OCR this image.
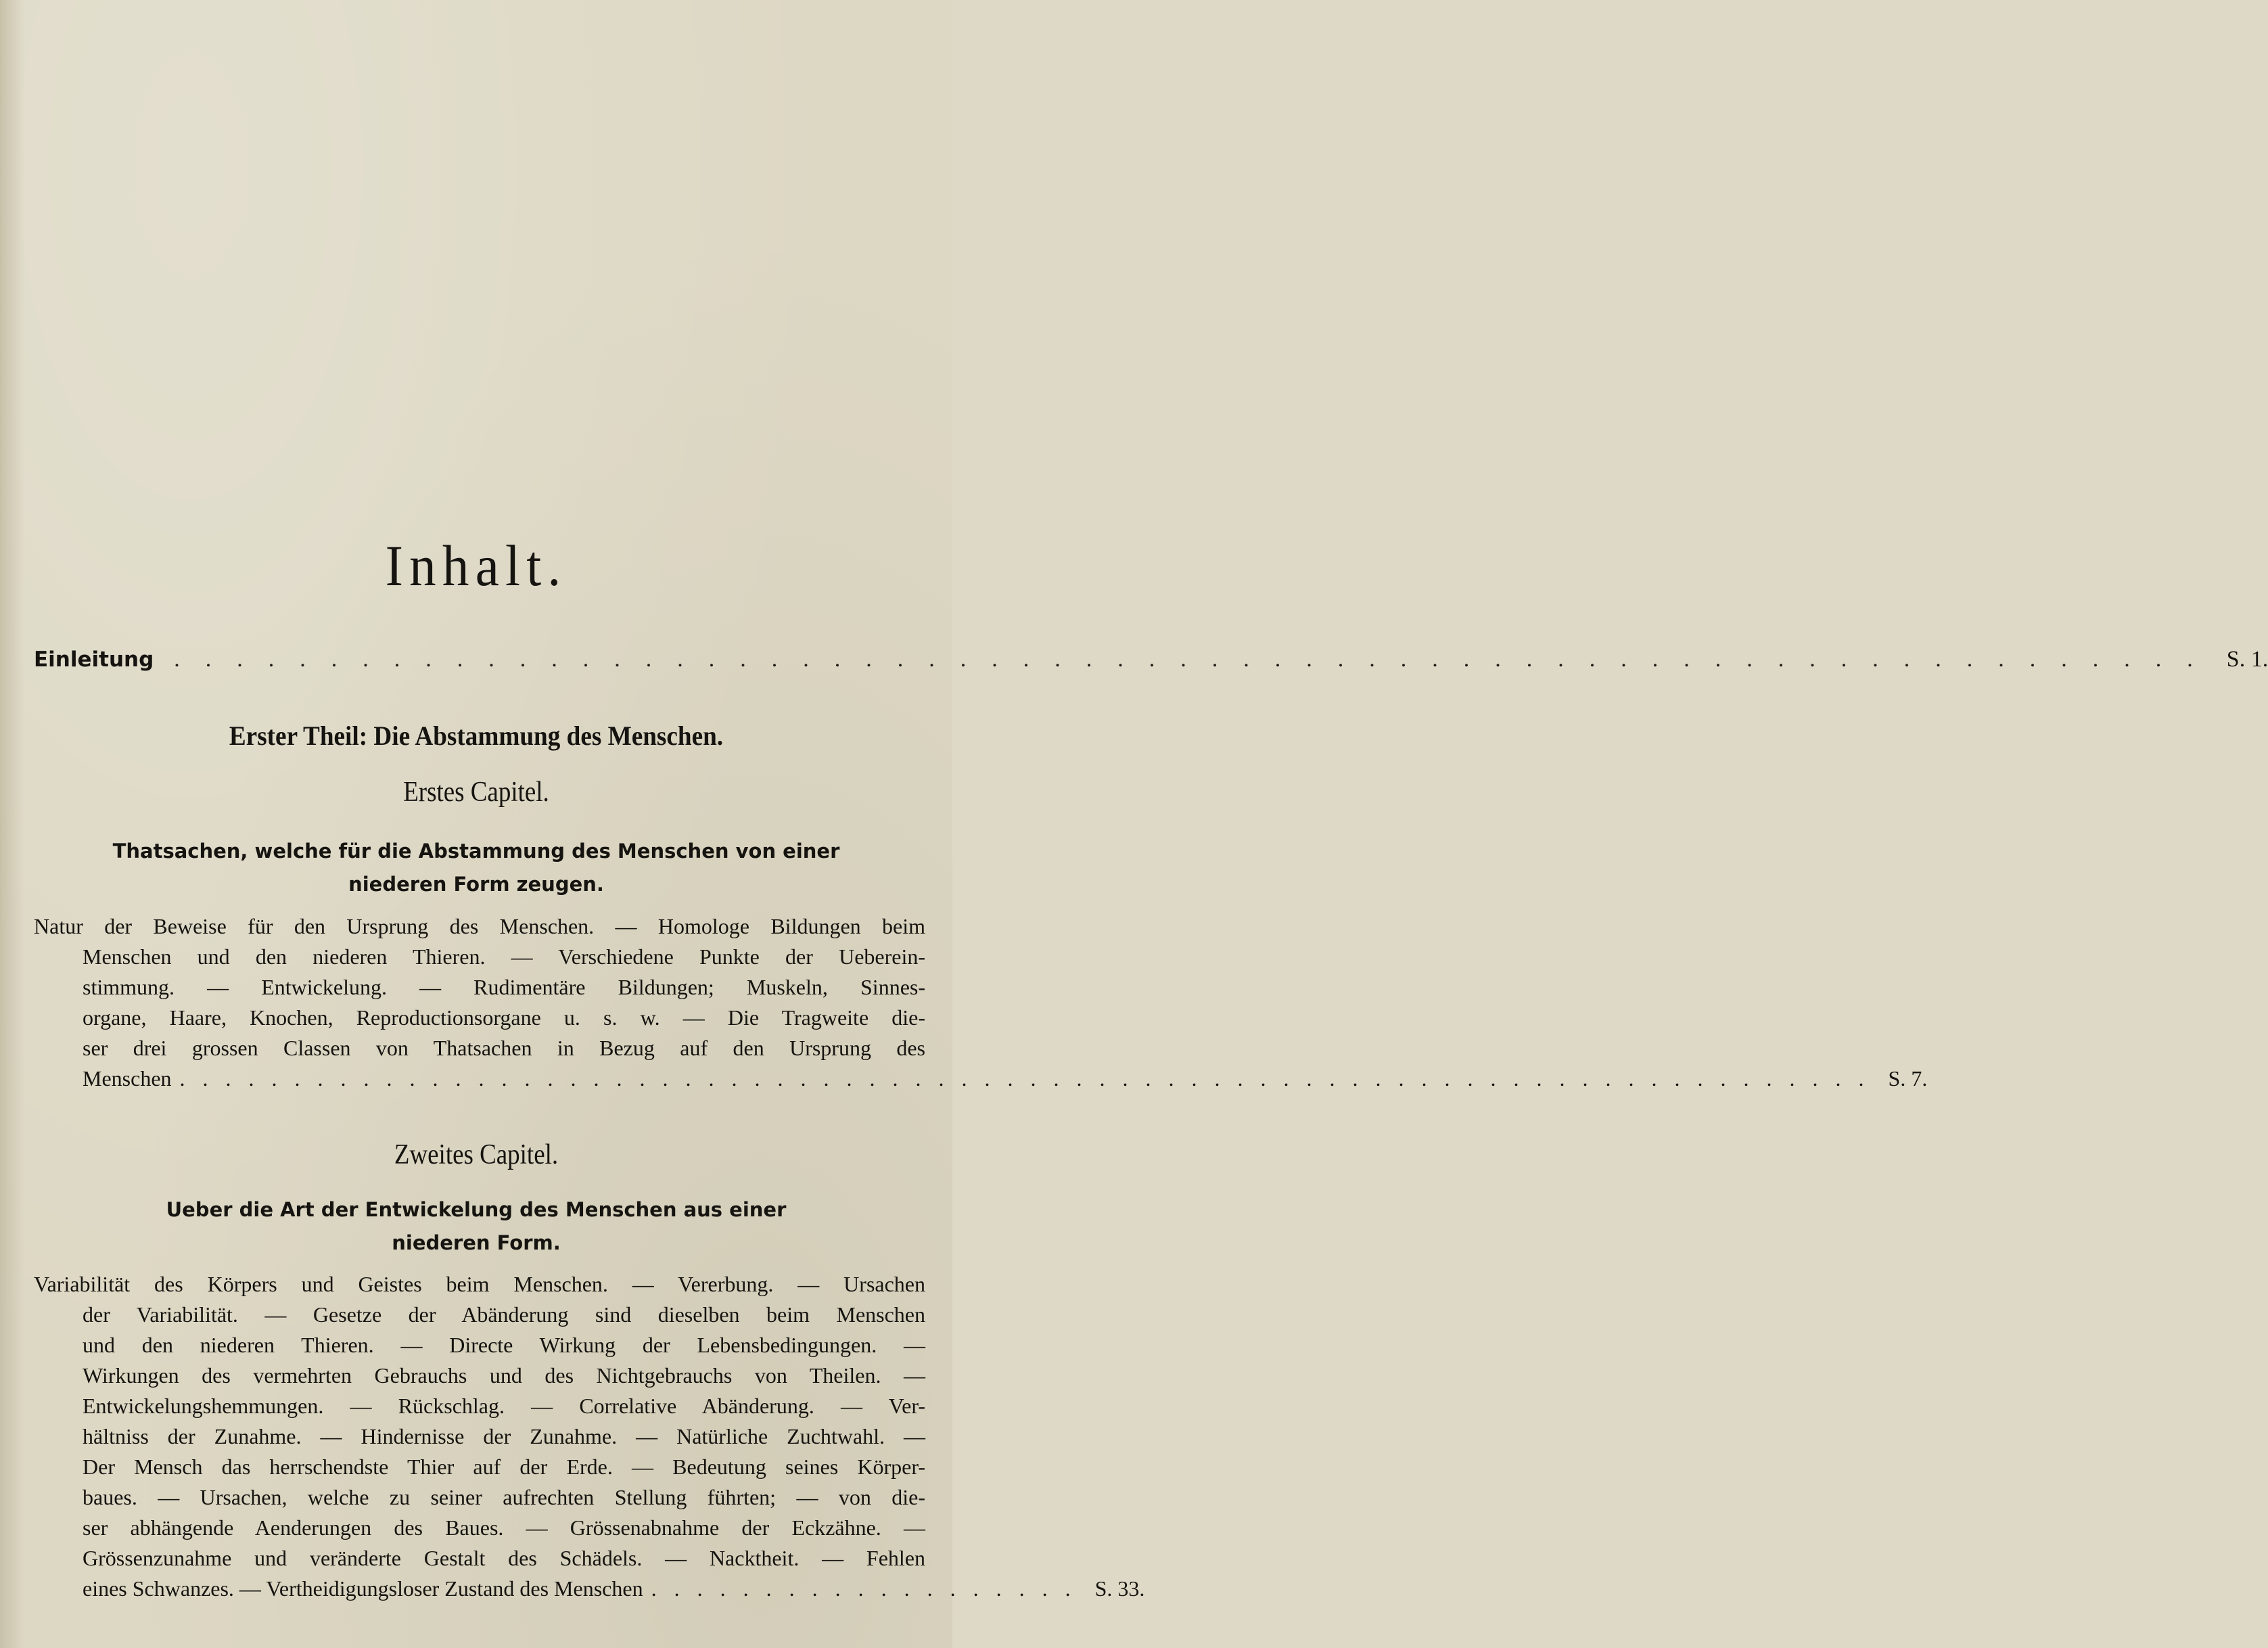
Inhalt.
Einleitung ................................................................. S. 1.
Erster Theil: Die Abstammung des Menschen.
Erstes Capitel.
Thatsachen, welche für die Abstammung des Menschen von einer
niederen Form zeugen.
Natur der Beweise für den Ursprung des Menschen. — Homologe Bildungen beim
Menschen und den niederen Thieren. — Verschiedene Punkte der Ueberein-
stimmung. — Entwickelung. — Rudimentäre Bildungen; Muskeln, Sinnes-
organe, Haare, Knochen, Reproductionsorgane u. s. w. — Die Tragweite die-
ser drei grossen Classen von Thatsachen in Bezug auf den Ursprung des
Menschen .......................................................................... S. 7.
Zweites Capitel.
Ueber die Art der Entwickelung des Menschen aus einer
niederen Form.
Variabilität des Körpers und Geistes beim Menschen. — Vererbung. — Ursachen
der Variabilität. — Gesetze der Abänderung sind dieselben beim Menschen
und den niederen Thieren. — Directe Wirkung der Lebensbedingungen. —
Wirkungen des vermehrten Gebrauchs und des Nichtgebrauchs von Theilen. —
Entwickelungshemmungen. — Rückschlag. — Correlative Abänderung. — Ver-
hältniss der Zunahme. — Hindernisse der Zunahme. — Natürliche Zuchtwahl. —
Der Mensch das herrschendste Thier auf der Erde. — Bedeutung seines Körper-
baues. — Ursachen, welche zu seiner aufrechten Stellung führten; — von die-
ser abhängende Aenderungen des Baues. — Grössenabnahme der Eckzähne. —
Grössenzunahme und veränderte Gestalt des Schädels. — Nacktheit. — Fehlen
eines Schwanzes. — Vertheidigungsloser Zustand des Menschen ................... S. 33.
